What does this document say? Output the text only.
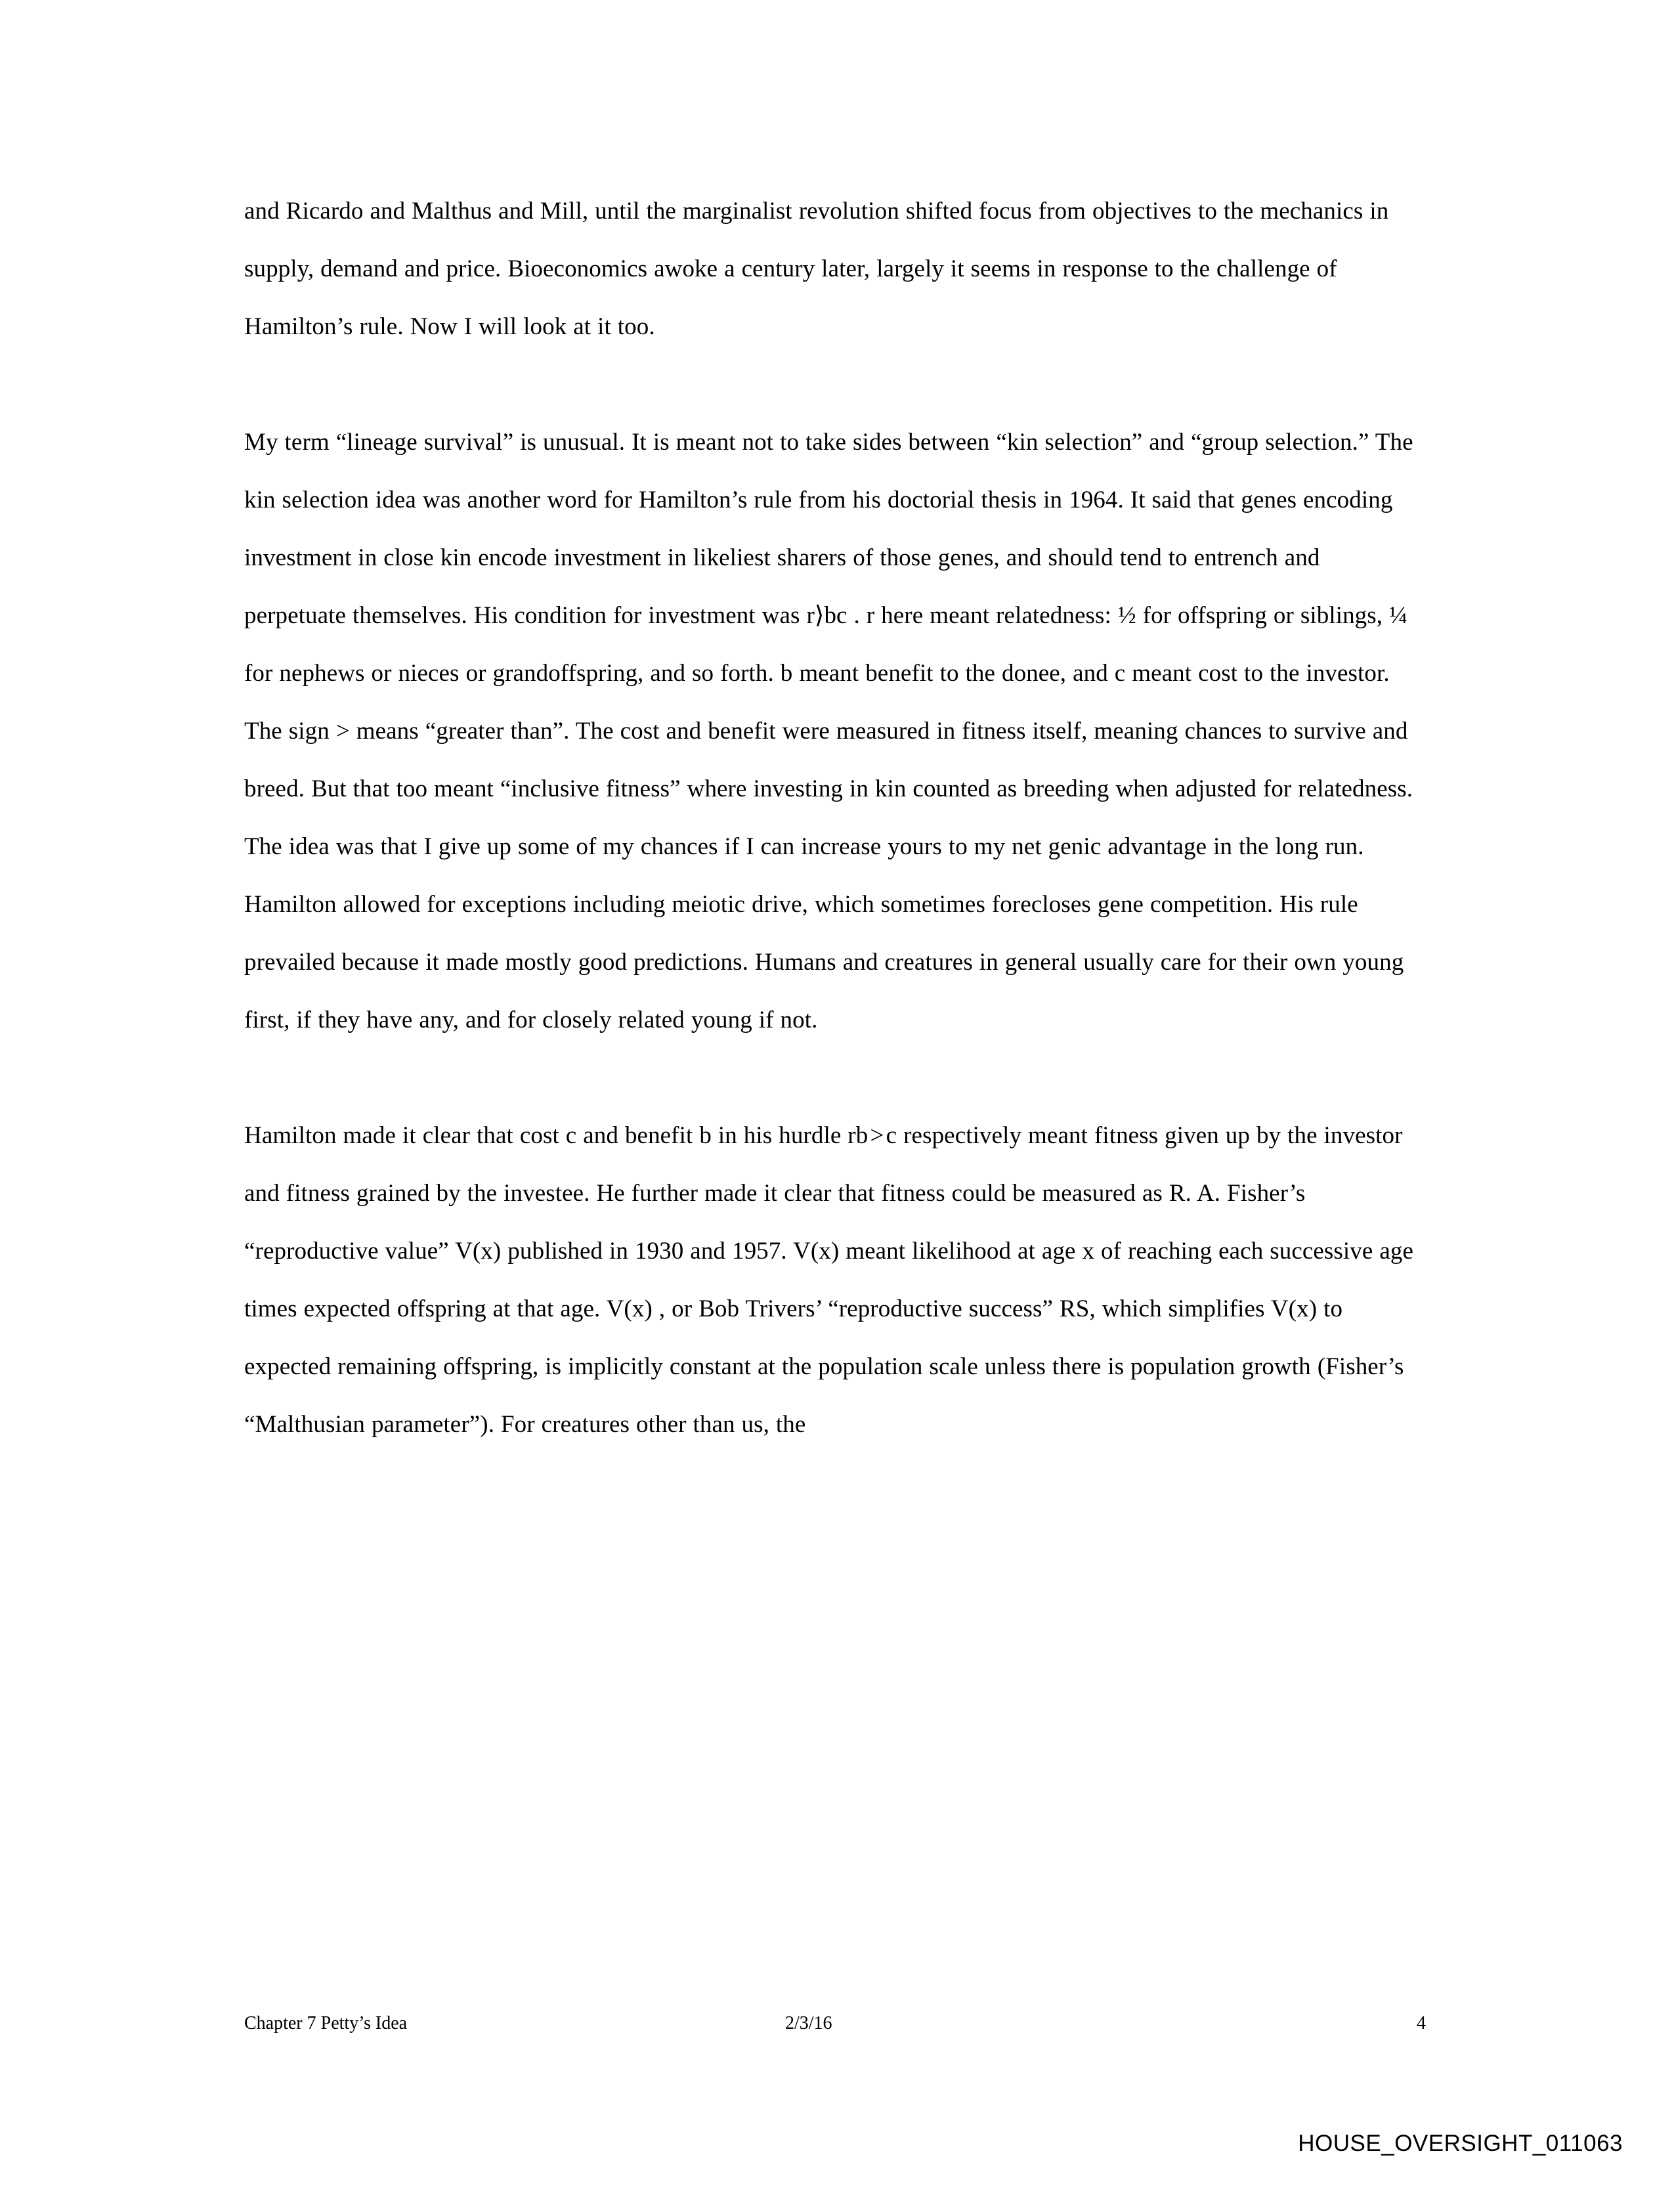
and Ricardo and Malthus and Mill, until the marginalist revolution shifted focus from objectives to the mechanics in supply, demand and price. Bioeconomics awoke a century later, largely it seems in response to the challenge of Hamilton’s rule. Now I will look at it too.

My term “lineage survival” is unusual. It is meant not to take sides between “kin selection” and “group selection.” The kin selection idea was another word for Hamilton’s rule from his doctorial thesis in 1964. It said that genes encoding investment in close kin encode investment in likeliest sharers of those genes, and should tend to entrench and perpetuate themselves. His condition for investment was r⟩bc . r here meant relatedness: ½ for offspring or siblings, ¼ for nephews or nieces or grandoffspring, and so forth. b meant benefit to the donee, and c meant cost to the investor. The sign > means “greater than”. The cost and benefit were measured in fitness itself, meaning chances to survive and breed. But that too meant “inclusive fitness” where investing in kin counted as breeding when adjusted for relatedness. The idea was that I give up some of my chances if I can increase yours to my net genic advantage in the long run. Hamilton allowed for exceptions including meiotic drive, which sometimes forecloses gene competition. His rule prevailed because it made mostly good predictions. Humans and creatures in general usually care for their own young first, if they have any, and for closely related young if not.

Hamilton made it clear that cost c and benefit b in his hurdle rb > c respectively meant fitness given up by the investor and fitness grained by the investee. He further made it clear that fitness could be measured as R. A. Fisher’s “reproductive value” V(x) published in 1930 and 1957. V(x) meant likelihood at age x of reaching each successive age times expected offspring at that age. V(x) , or Bob Trivers’ “reproductive success” RS, which simplifies V(x) to expected remaining offspring, is implicitly constant at the population scale unless there is population growth (Fisher’s “Malthusian parameter”). For creatures other than us, the

Chapter 7 Petty’s Idea	2/3/16	4
HOUSE_OVERSIGHT_011063
